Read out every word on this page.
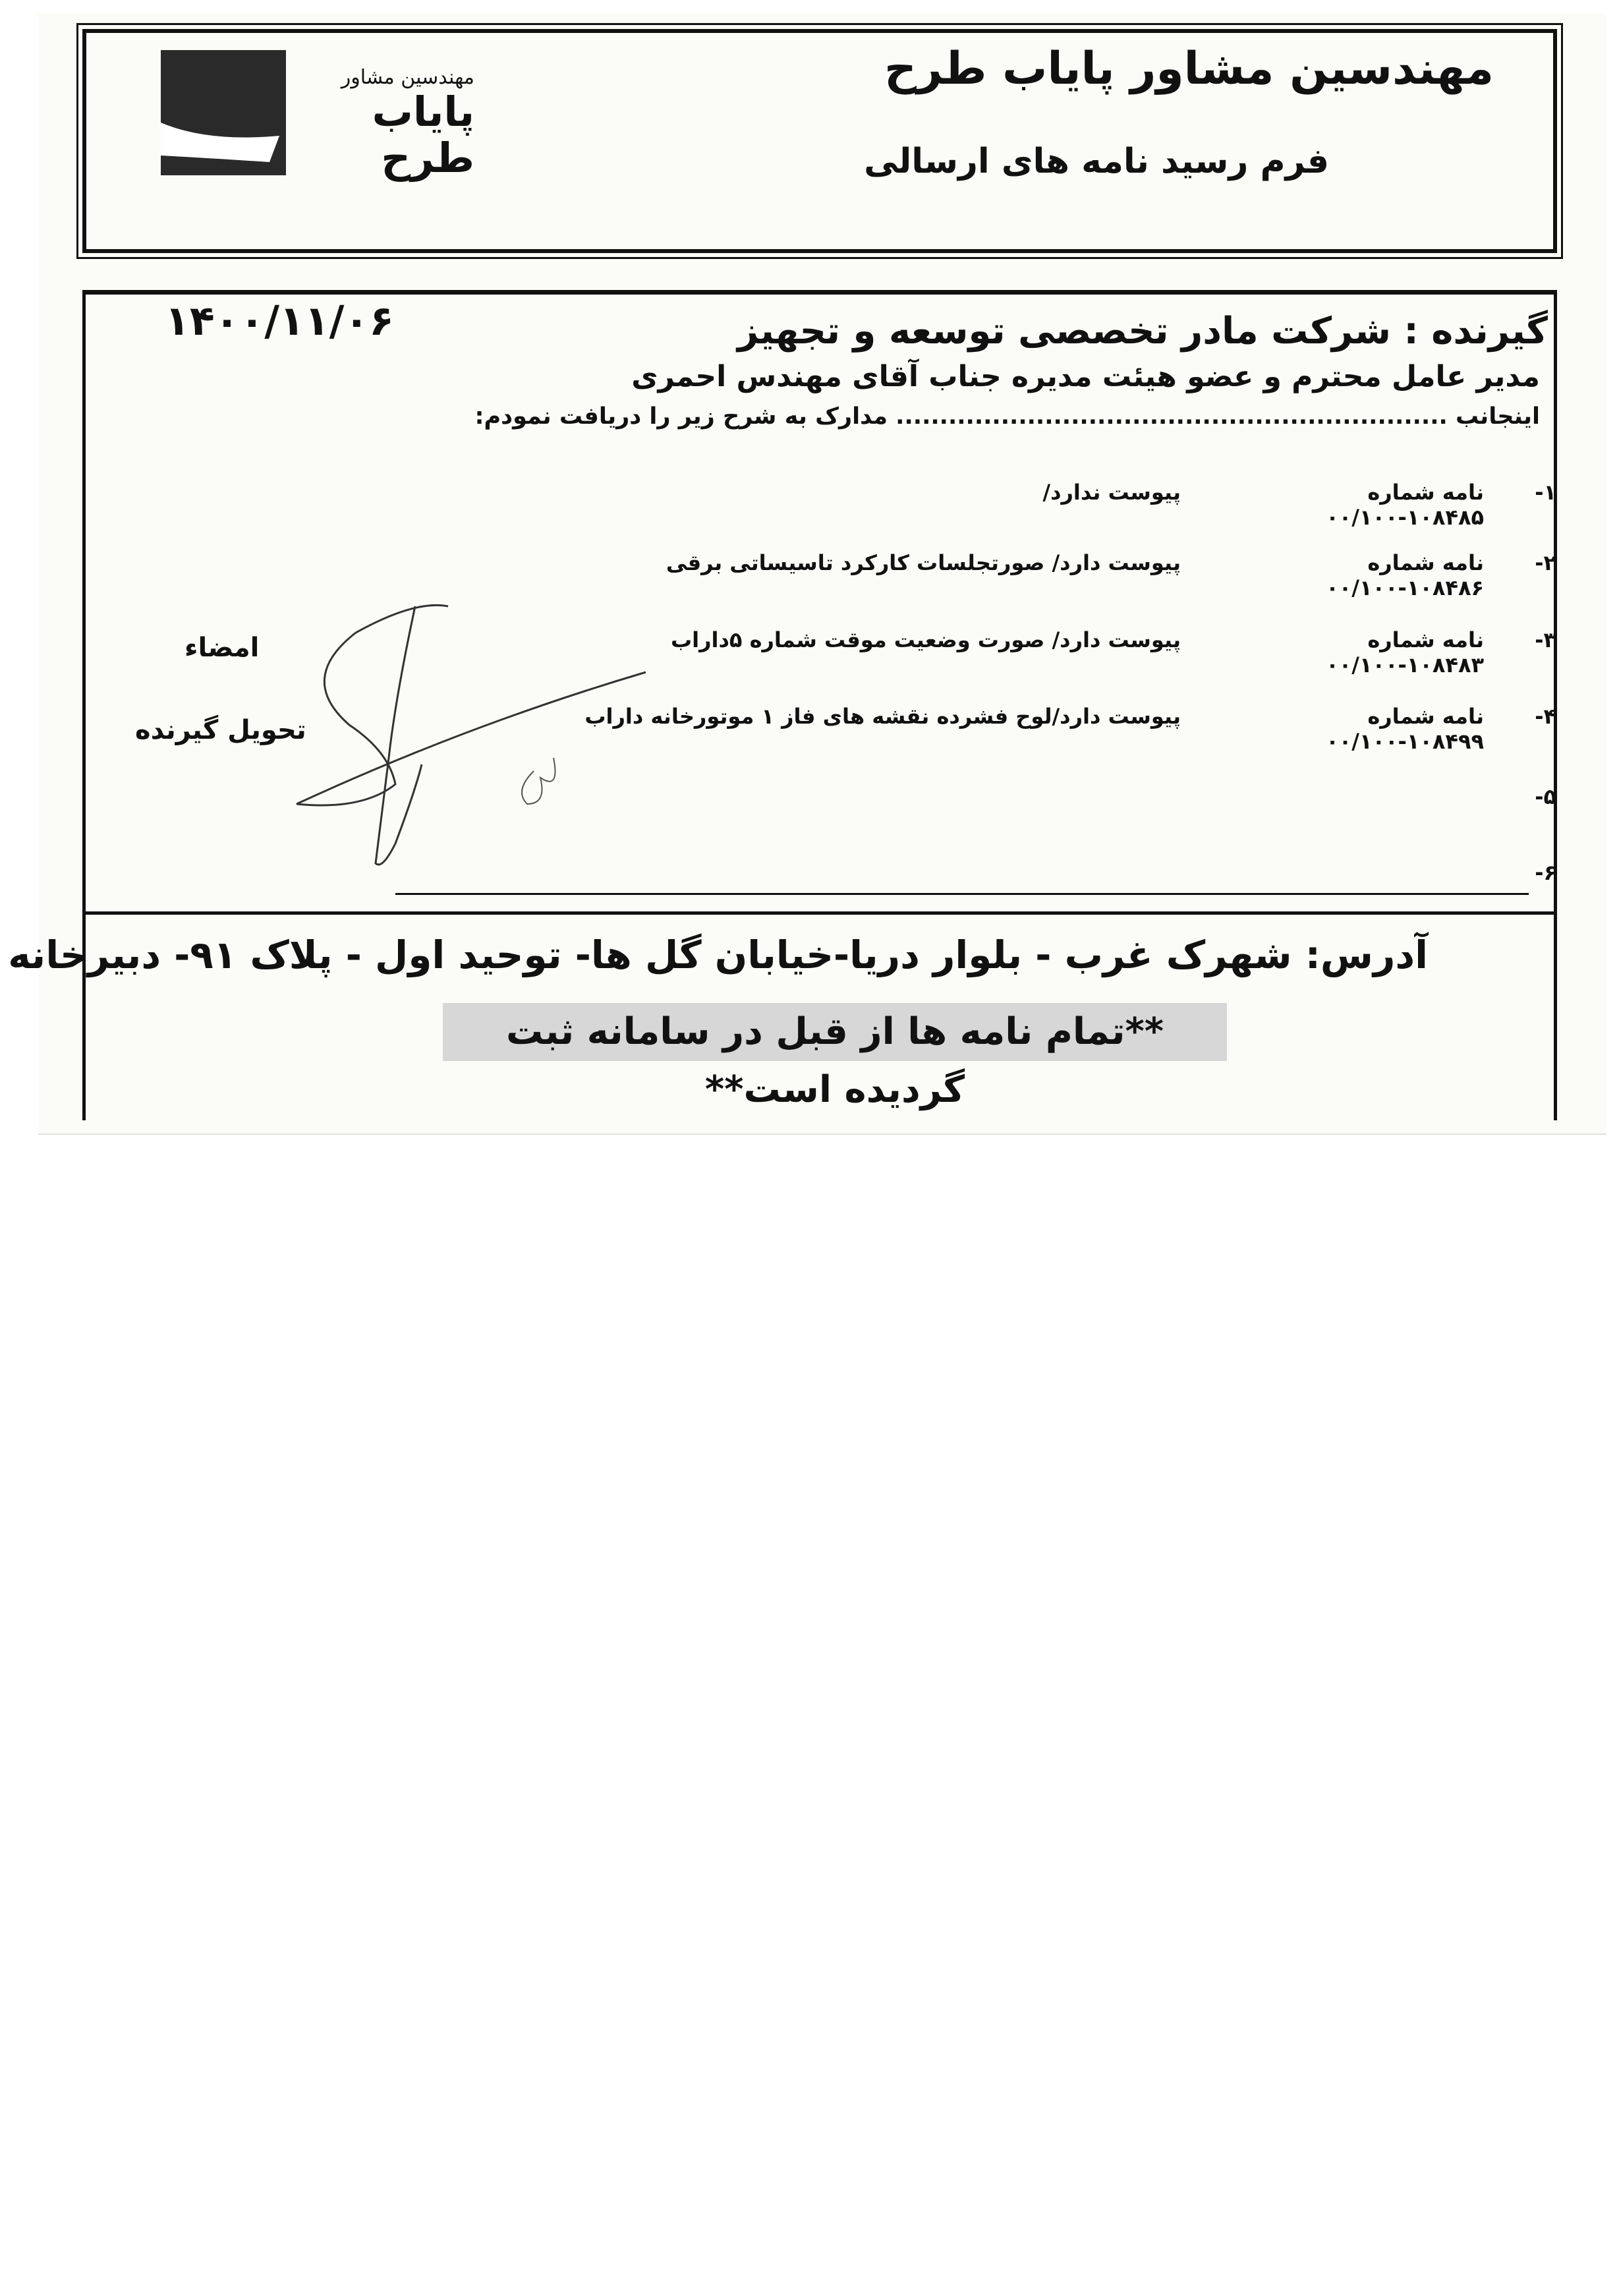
مهندسین مشاور پایاب طرح
فرم رسید نامه های ارسالی
مهندسین مشاور
پایاب طرح
۱۴۰۰/۱۱/۰۶	گیرنده : شرکت مادر تخصصی توسعه و تجهیز
مدیر عامل محترم و عضو هیئت مدیره جناب آقای مهندس احمری
اینجانب ............................................................... مدارک به شرح زیر را دریافت نمودم:
۱-
نامه شماره ۱۰۸۴۸۵-۰۰/۱۰۰
پیوست ندارد/
۲-
نامه شماره ۱۰۸۴۸۶-۰۰/۱۰۰
پیوست دارد/ صورتجلسات کارکرد تاسیساتی برقی
۳-
نامه شماره ۱۰۸۴۸۳-۰۰/۱۰۰
پیوست دارد/ صورت وضعیت موقت شماره ۵داراب
۴-
نامه شماره ۱۰۸۴۹۹-۰۰/۱۰۰
پیوست دارد/لوح فشرده نقشه های فاز ۱ موتورخانه داراب
۵-
۶-
امضاء
تحویل گیرنده
آدرس: شهرک غرب - بلوار دریا-خیابان گل ها- توحید اول - پلاک ۹۱- دبیرخانه
**تمام نامه ها از قبل در سامانه ثبت گردیده است**
